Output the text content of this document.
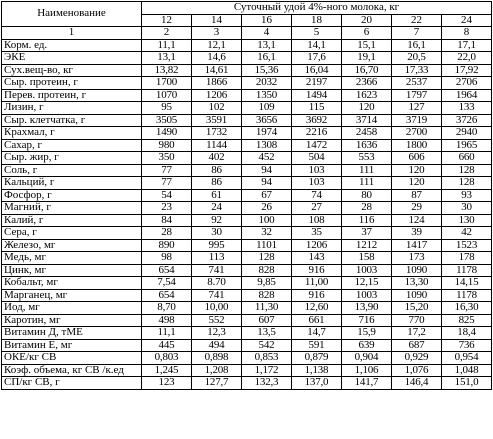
Наименование	Суточный удой 4%-ного молока, кг						
	12	14	16	18	20	22	24
1	2	3	4	5	6	7	8
Корм. ед.	11,1	12,1	13,1	14,1	15,1	16,1	17,1
ЭКЕ	13,1	14,6	16,1	17,6	19,1	20,5	22,0
Сух.вещ-во, кг	13,82	14,61	15,36	16,04	16,70	17,33	17,92
Сыр. протеин, г	1700	1866	2032	2197	2366	2537	2706
Перев. протеин, г	1070	1206	1350	1494	1623	1797	1964
Лизин, г	95	102	109	115	120	127	133
Сыр. клетчатка, г	3505	3591	3656	3692	3714	3719	3726
Крахмал, г	1490	1732	1974	2216	2458	2700	2940
Сахар, г	980	1144	1308	1472	1636	1800	1965
Сыр. жир, г	350	402	452	504	553	606	660
Соль, г	77	86	94	103	111	120	128
Кальций, г	77	86	94	103	111	120	128
Фосфор, г	54	61	67	74	80	87	93
Магний, г	23	24	26	27	28	29	30
Калий, г	84	92	100	108	116	124	130
Сера, г	28	30	32	35	37	39	42
Железо, мг	890	995	1101	1206	1212	1417	1523
Медь, мг	98	113	128	143	158	173	178
Цинк, мг	654	741	828	916	1003	1090	1178
Кобальт, мг	7,54	8.70	9,85	11,00	12,15	13,30	14,15
Марганец, мг	654	741	828	916	1003	1090	1178
Иод, мг	8,70	10,00	11,30	12,60	13,90	15,20	16,30
Каротин, мг	498	552	607	661	716	770	825
Витамин Д, тМЕ	11,1	12,3	13,5	14,7	15,9	17,2	18,4
Витамин Е, мг	445	494	542	591	639	687	736
ОКЕ/кг СВ	0,803	0,898	0,853	0,879	0,904	0,929	0,954
Коэф. объема, кг СВ /к.ед	1,245	1,208	1,172	1,138	1,106	1,076	1,048
СП/кг СВ, г	123	127,7	132,3	137,0	141,7	146,4	151,0
